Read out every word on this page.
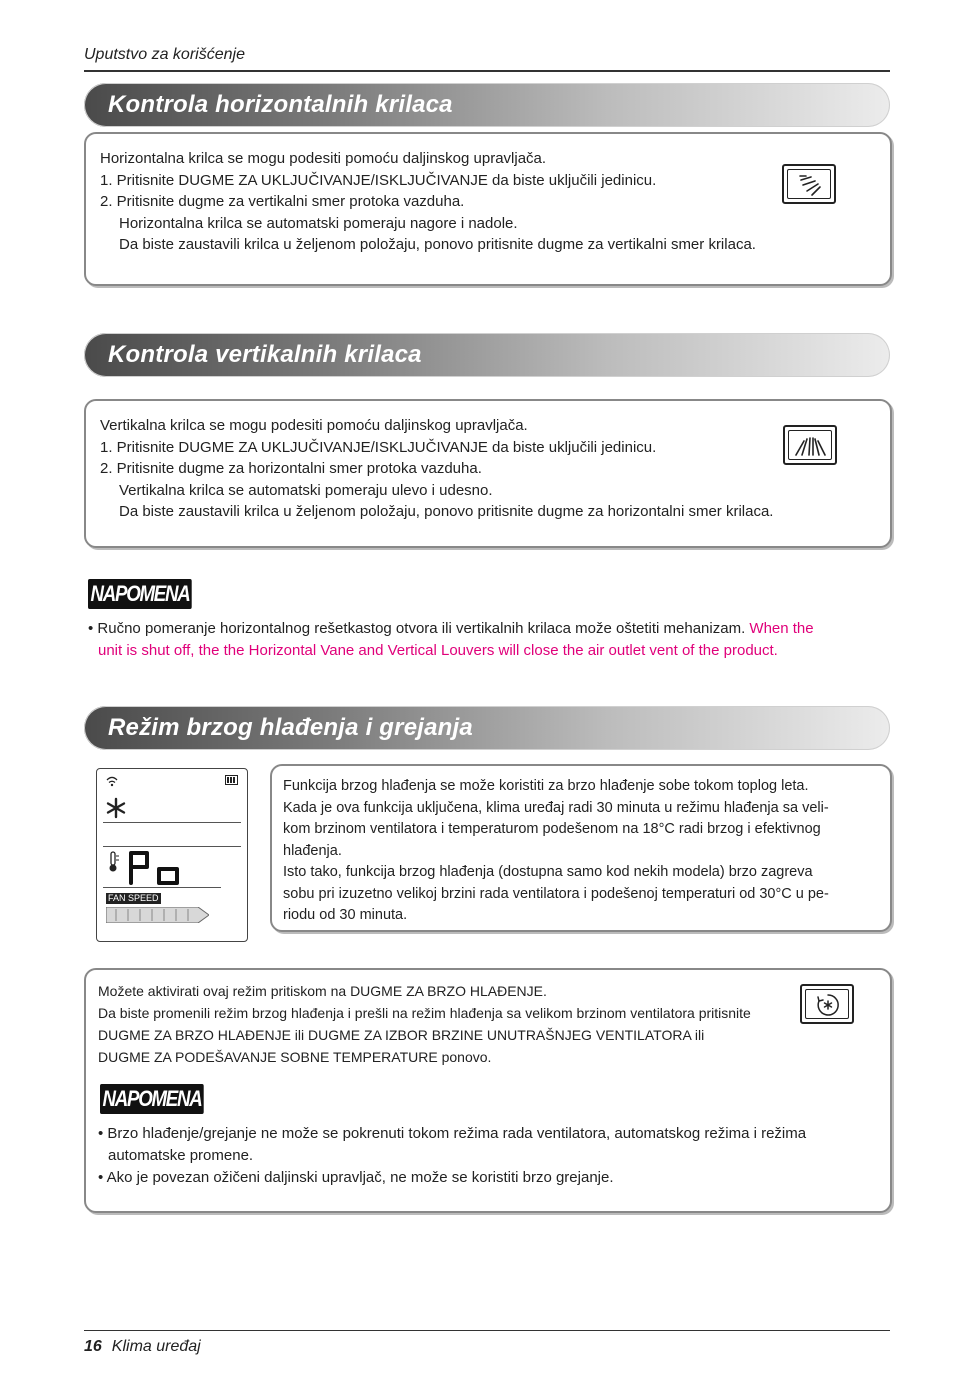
Uputstvo za korišćenje
Kontrola horizontalnih krilaca
Horizontalna krilca se mogu podesiti pomoću daljinskog upravljača.
1. Pritisnite DUGME ZA UKLJUČIVANJE/ISKLJUČIVANJE da biste uključili jedinicu.
2. Pritisnite dugme za vertikalni smer protoka vazduha.
Horizontalna krilca se automatski pomeraju nagore i nadole.
Da biste zaustavili krilca u željenom položaju, ponovo pritisnite dugme za vertikalni smer krilaca.
Kontrola vertikalnih krilaca
Vertikalna krilca se mogu podesiti pomoću daljinskog upravljača.
1. Pritisnite DUGME ZA UKLJUČIVANJE/ISKLJUČIVANJE da biste uključili jedinicu.
2. Pritisnite dugme za horizontalni smer protoka vazduha.
Vertikalna krilca se automatski pomeraju ulevo i udesno.
Da biste zaustavili krilca u željenom položaju, ponovo pritisnite dugme za horizontalni smer krilaca.
NAPOMENA
• Ručno pomeranje horizontalnog rešetkastog otvora ili vertikalnih krilaca može oštetiti mehanizam. When the
unit is shut off, the the Horizontal Vane and Vertical Louvers will close the air outlet vent of the product.
Režim brzog hlađenja i grejanja
FAN SPEED
Funkcija brzog hlađenja se može koristiti za brzo hlađenje sobe tokom toplog leta.
Kada je ova funkcija uključena, klima uređaj radi 30 minuta u režimu hlađenja sa veli-
kom brzinom ventilatora i temperaturom podešenom na 18°C radi brzog i efektivnog
hlađenja.
Isto tako, funkcija brzog hlađenja (dostupna samo kod nekih modela) brzo zagreva
sobu pri izuzetno velikoj brzini rada ventilatora i podešenoj temperaturi od 30°C u pe-
riodu od 30 minuta.
Možete aktivirati ovaj režim pritiskom na DUGME ZA BRZO HLAĐENJE.
Da biste promenili režim brzog hlađenja i prešli na režim hlađenja sa velikom brzinom ventilatora pritisnite
DUGME ZA BRZO HLAĐENJE ili DUGME ZA IZBOR BRZINE UNUTRAŠNJEG VENTILATORA ili
DUGME ZA PODEŠAVANJE SOBNE TEMPERATURE ponovo.
NAPOMENA
• Brzo hlađenje/grejanje ne može se pokrenuti tokom režima rada ventilatora, automatskog režima i režima
automatske promene.
• Ako je povezan ožičeni daljinski upravljač, ne može se koristiti brzo grejanje.
16 Klima uređaj
